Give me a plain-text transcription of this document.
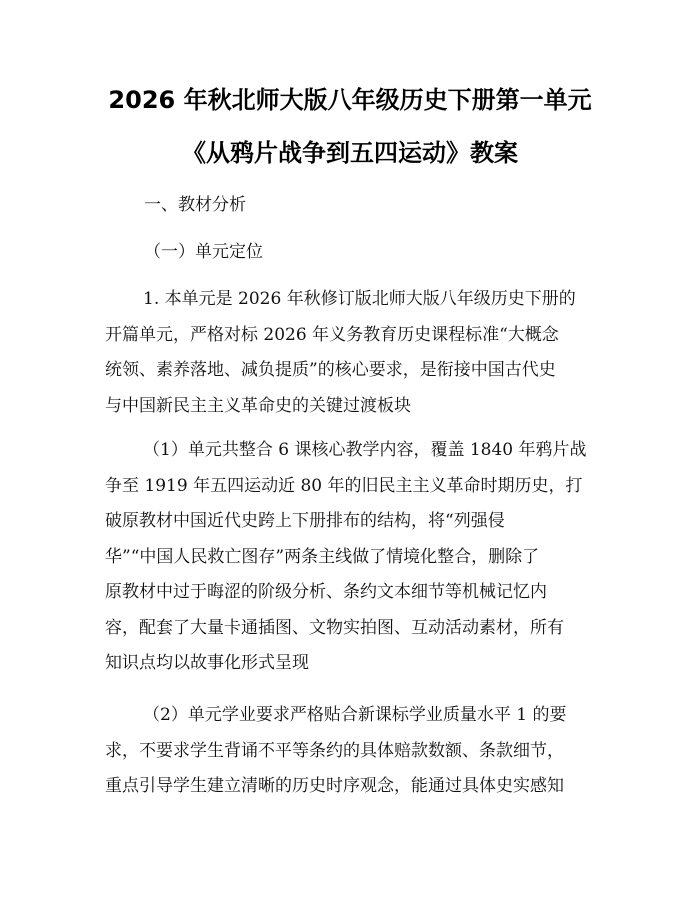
2026 年秋北师大版八年级历史下册第一单元
《从鸦片战争到五四运动》教案
一、教材分析
（一）单元定位
1. 本单元是 2026 年秋修订版北师大版八年级历史下册的
开篇单元，严格对标 2026 年义务教育历史课程标准“大概念
统领、素养落地、减负提质”的核心要求，是衔接中国古代史
与中国新民主主义革命史的关键过渡板块
（1）单元共整合 6 课核心教学内容，覆盖 1840 年鸦片战
争至 1919 年五四运动近 80 年的旧民主主义革命时期历史，打
破原教材中国近代史跨上下册排布的结构，将“列强侵
华”“中国人民救亡图存”两条主线做了情境化整合，删除了
原教材中过于晦涩的阶级分析、条约文本细节等机械记忆内
容，配套了大量卡通插图、文物实拍图、互动活动素材，所有
知识点均以故事化形式呈现
（2）单元学业要求严格贴合新课标学业质量水平 1 的要
求，不要求学生背诵不平等条约的具体赔款数额、条款细节，
重点引导学生建立清晰的历史时序观念，能通过具体史实感知
